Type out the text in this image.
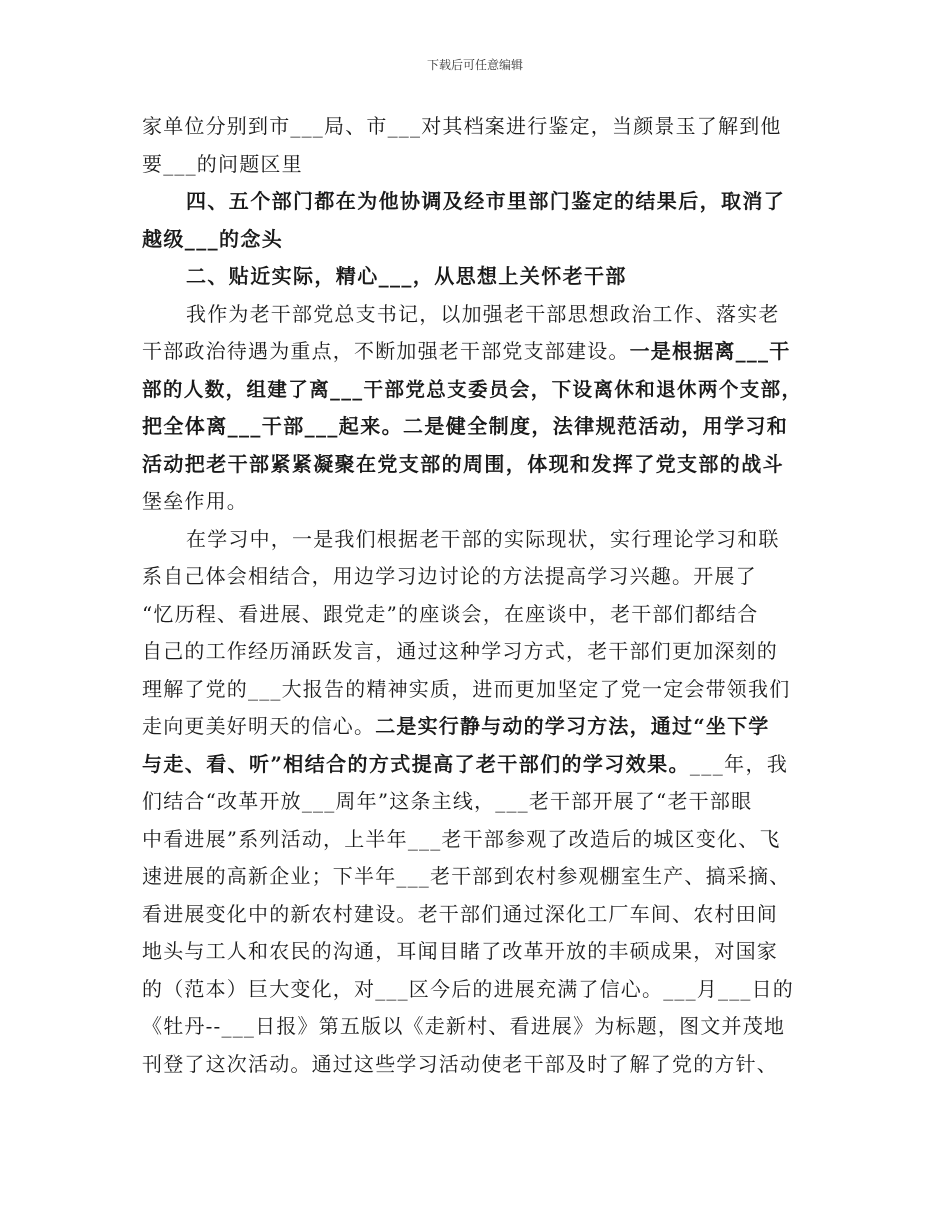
下载后可任意编辑
家单位分别到市___局、市___对其档案进行鉴定，当颜景玉了解到他
要___的问题区里
四、五个部门都在为他协调及经市里部门鉴定的结果后，取消了
越级___的念头
二、贴近实际，精心___，从思想上关怀老干部
我作为老干部党总支书记，以加强老干部思想政治工作、落实老
干部政治待遇为重点，不断加强老干部党支部建设。一是根据离___干
部的人数，组建了离___干部党总支委员会，下设离休和退休两个支部，
把全体离___干部___起来。二是健全制度，法律规范活动，用学习和
活动把老干部紧紧凝聚在党支部的周围，体现和发挥了党支部的战斗
堡垒作用。
在学习中，一是我们根据老干部的实际现状，实行理论学习和联
系自己体会相结合，用边学习边讨论的方法提高学习兴趣。开展了
“忆历程、看进展、跟党走”的座谈会，在座谈中，老干部们都结合
自己的工作经历涌跃发言，通过这种学习方式，老干部们更加深刻的
理解了党的___大报告的精神实质，进而更加坚定了党一定会带领我们
走向更美好明天的信心。二是实行静与动的学习方法，通过“坐下学
与走、看、听”相结合的方式提高了老干部们的学习效果。___年，我
们结合“改革开放___周年”这条主线，___老干部开展了“老干部眼
中看进展”系列活动，上半年___老干部参观了改造后的城区变化、飞
速进展的高新企业；下半年___老干部到农村参观棚室生产、搞采摘、
看进展变化中的新农村建设。老干部们通过深化工厂车间、农村田间
地头与工人和农民的沟通，耳闻目睹了改革开放的丰硕成果，对国家
的（范本）巨大变化，对___区今后的进展充满了信心。___月___日的
《牡丹--___日报》第五版以《走新村、看进展》为标题，图文并茂地
刊登了这次活动。通过这些学习活动使老干部及时了解了党的方针、
